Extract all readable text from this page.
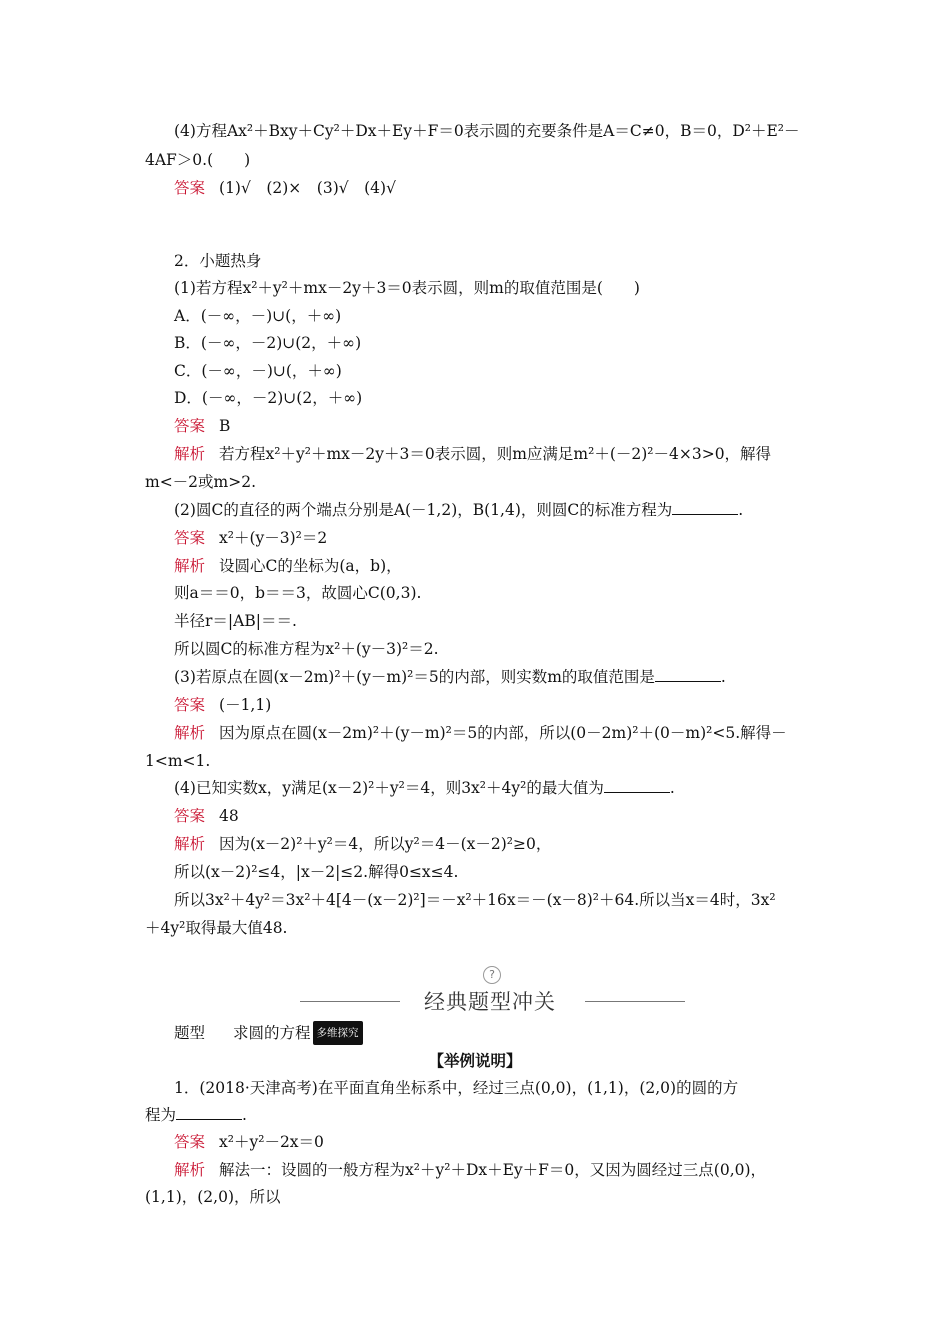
(4)方程Ax²＋Bxy＋Cy²＋Dx＋Ey＋F＝0表示圆的充要条件是A＝C≠0，B＝0，D²＋E²－
4AF＞0.(　　)
答案 (1)√　(2)×　(3)√　(4)√
2．小题热身
(1)若方程x²＋y²＋mx－2y＋3＝0表示圆，则m的取值范围是(　　)
A．(－∞，－)∪(，＋∞)
B．(－∞，－2)∪(2，＋∞)
C．(－∞，－)∪(，＋∞)
D．(－∞，－2)∪(2，＋∞)
答案 B
解析 若方程x²＋y²＋mx－2y＋3＝0表示圆，则m应满足m²＋(－2)²－4×3>0，解得
m<－2或m>2.
(2)圆C的直径的两个端点分别是A(－1,2)，B(1,4)，则圆C的标准方程为	.
答案 x²＋(y－3)²＝2
解析 设圆心C的坐标为(a，b)，
则a＝＝0，b＝＝3，故圆心C(0,3).
半径r＝|AB|＝＝.
所以圆C的标准方程为x²＋(y－3)²＝2.
(3)若原点在圆(x－2m)²＋(y－m)²＝5的内部，则实数m的取值范围是	.
答案 (－1,1)
解析 因为原点在圆(x－2m)²＋(y－m)²＝5的内部，所以(0－2m)²＋(0－m)²<5.解得－
1<m<1.
(4)已知实数x，y满足(x－2)²＋y²＝4，则3x²＋4y²的最大值为	.
答案 48
解析 因为(x－2)²＋y²＝4，所以y²＝4－(x－2)²≥0，
所以(x－2)²≤4，|x－2|≤2.解得0≤x≤4.
所以3x²＋4y²＝3x²＋4[4－(x－2)²]＝－x²＋16x＝－(x－8)²＋64.所以当x＝4时，3x²
＋4y²取得最大值48.
?
经典题型冲关
题型 求圆的方程 多维探究
【举例说明】
1．(2018·天津高考)在平面直角坐标系中，经过三点(0,0)，(1,1)，(2,0)的圆的方
程为	.
答案 x²＋y²－2x＝0
解析 解法一：设圆的一般方程为x²＋y²＋Dx＋Ey＋F＝0，又因为圆经过三点(0,0)，
(1,1)，(2,0)，所以
